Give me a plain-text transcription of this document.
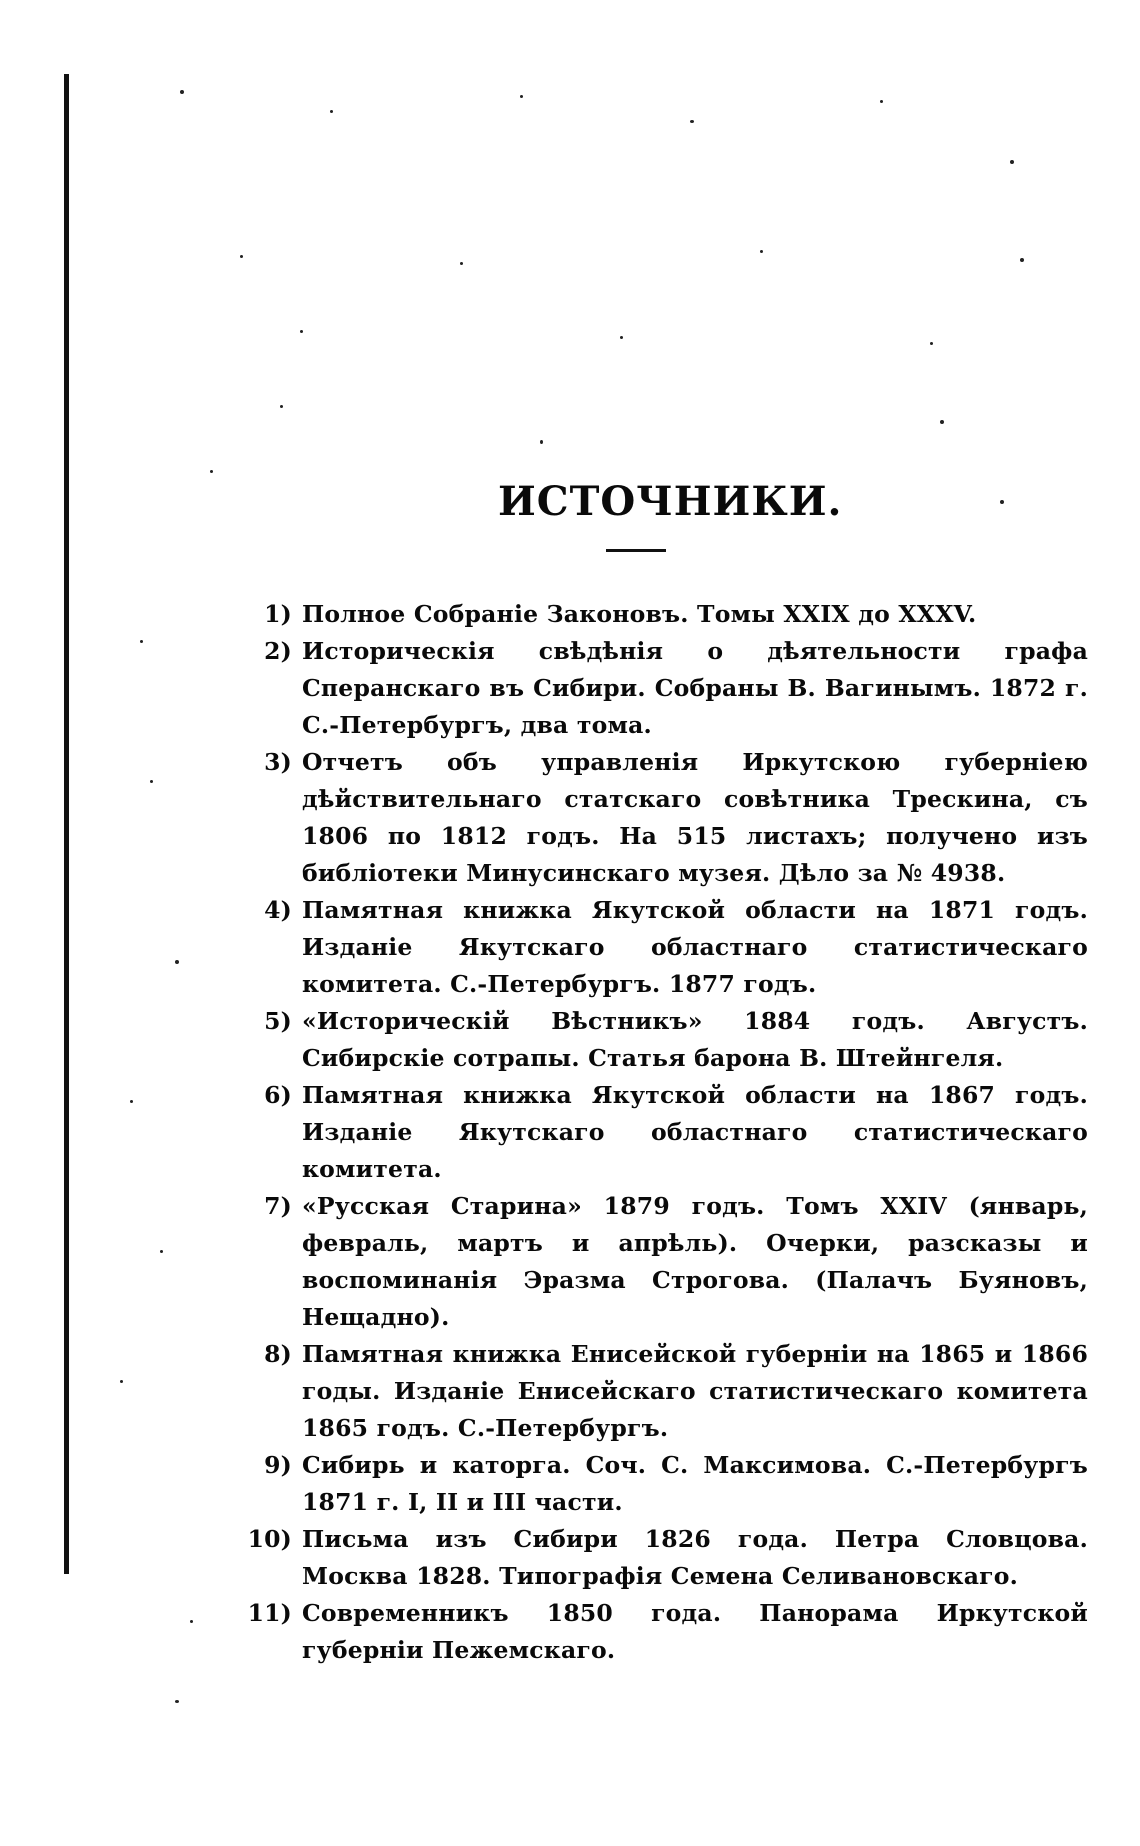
ИСТОЧНИКИ.
1) Полное Собраніе Законовъ. Томы XXIX до XXXV.
2) Историческія свѣдѣнія о дѣятельности графа Сперанскаго въ Сибири. Собраны В. Вагинымъ. 1872 г. С.-Петербургъ, два тома.
3) Отчетъ объ управленія Иркутскою губерніею дѣйствительнаго статскаго совѣтника Трескина, съ 1806 по 1812 годъ. На 515 листахъ; получено изъ библіотеки Минусинскаго музея. Дѣло за № 4938.
4) Памятная книжка Якутской области на 1871 годъ. Изданіе Якутскаго областнаго статистическаго комитета. С.-Петербургъ. 1877 годъ.
5) «Историческій Вѣстникъ» 1884 годъ. Августъ. Сибирскіе сотрапы. Статья барона В. Штейнгеля.
6) Памятная книжка Якутской области на 1867 годъ. Изданіе Якутскаго областнаго статистическаго комитета.
7) «Русская Старина» 1879 годъ. Томъ XXIV (январь, февраль, мартъ и апрѣль). Очерки, разсказы и воспоминанія Эразма Строгова. (Палачъ Буяновъ, Нещадно).
8) Памятная книжка Енисейской губерніи на 1865 и 1866 годы. Изданіе Енисейскаго статистическаго комитета 1865 годъ. С.-Петербургъ.
9) Сибирь и каторга. Соч. С. Максимова. С.-Петербургъ 1871 г. I, II и III части.
10) Письма изъ Сибири 1826 года. Петра Словцова. Москва 1828. Типографія Семена Селивановскаго.
11) Современникъ 1850 года. Панорама Иркутской губерніи Пежемскаго.
